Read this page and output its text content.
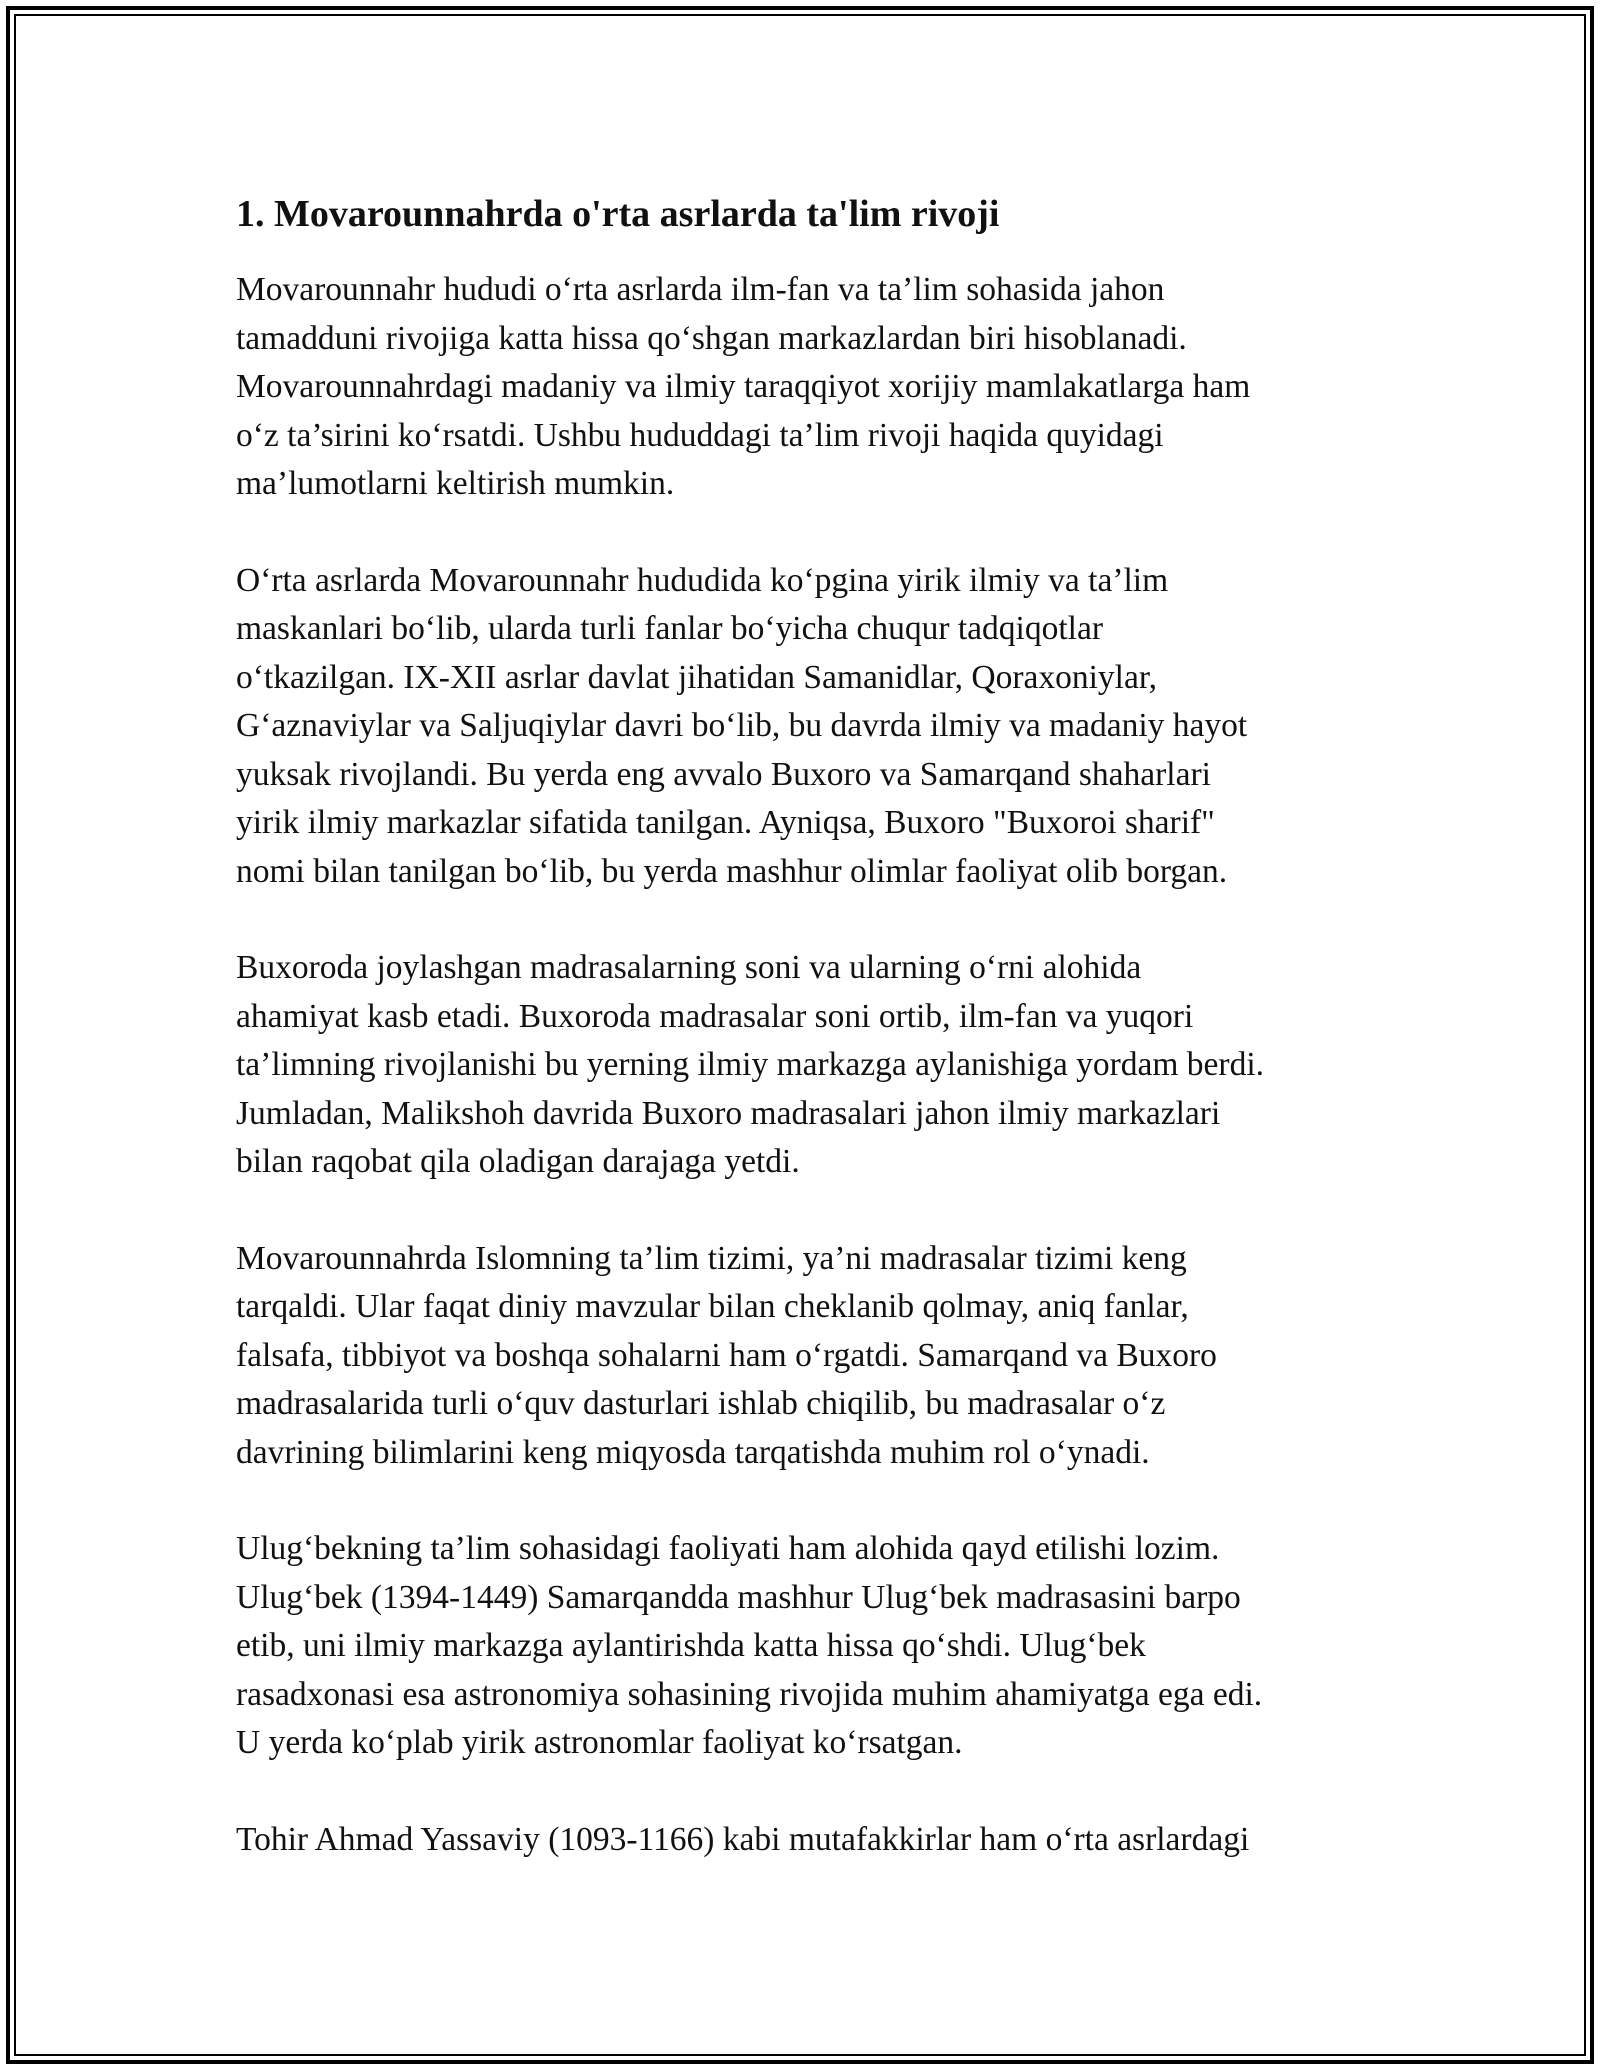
1. Movarounnahrda o'rta asrlarda ta'lim rivoji

Movarounnahr hududi o‘rta asrlarda ilm-fan va ta’lim sohasida jahon
tamadduni rivojiga katta hissa qo‘shgan markazlardan biri hisoblanadi.
Movarounnahrdagi madaniy va ilmiy taraqqiyot xorijiy mamlakatlarga ham
o‘z ta’sirini ko‘rsatdi. Ushbu hududdagi ta’lim rivoji haqida quyidagi
ma’lumotlarni keltirish mumkin.

O‘rta asrlarda Movarounnahr hududida ko‘pgina yirik ilmiy va ta’lim
maskanlari bo‘lib, ularda turli fanlar bo‘yicha chuqur tadqiqotlar
o‘tkazilgan. IX-XII asrlar davlat jihatidan Samanidlar, Qoraxoniylar,
G‘aznaviylar va Saljuqiylar davri bo‘lib, bu davrda ilmiy va madaniy hayot
yuksak rivojlandi. Bu yerda eng avvalo Buxoro va Samarqand shaharlari
yirik ilmiy markazlar sifatida tanilgan. Ayniqsa, Buxoro "Buxoroi sharif"
nomi bilan tanilgan bo‘lib, bu yerda mashhur olimlar faoliyat olib borgan.

Buxoroda joylashgan madrasalarning soni va ularning o‘rni alohida
ahamiyat kasb etadi. Buxoroda madrasalar soni ortib, ilm-fan va yuqori
ta’limning rivojlanishi bu yerning ilmiy markazga aylanishiga yordam berdi.
Jumladan, Malikshoh davrida Buxoro madrasalari jahon ilmiy markazlari
bilan raqobat qila oladigan darajaga yetdi.

Movarounnahrda Islomning ta’lim tizimi, ya’ni madrasalar tizimi keng
tarqaldi. Ular faqat diniy mavzular bilan cheklanib qolmay, aniq fanlar,
falsafa, tibbiyot va boshqa sohalarni ham o‘rgatdi. Samarqand va Buxoro
madrasalarida turli o‘quv dasturlari ishlab chiqilib, bu madrasalar o‘z
davrining bilimlarini keng miqyosda tarqatishda muhim rol o‘ynadi.

Ulug‘bekning ta’lim sohasidagi faoliyati ham alohida qayd etilishi lozim.
Ulug‘bek (1394-1449) Samarqandda mashhur Ulug‘bek madrasasini barpo
etib, uni ilmiy markazga aylantirishda katta hissa qo‘shdi. Ulug‘bek
rasadxonasi esa astronomiya sohasining rivojida muhim ahamiyatga ega edi.
U yerda ko‘plab yirik astronomlar faoliyat ko‘rsatgan.

Tohir Ahmad Yassaviy (1093-1166) kabi mutafakkirlar ham o‘rta asrlardagi
